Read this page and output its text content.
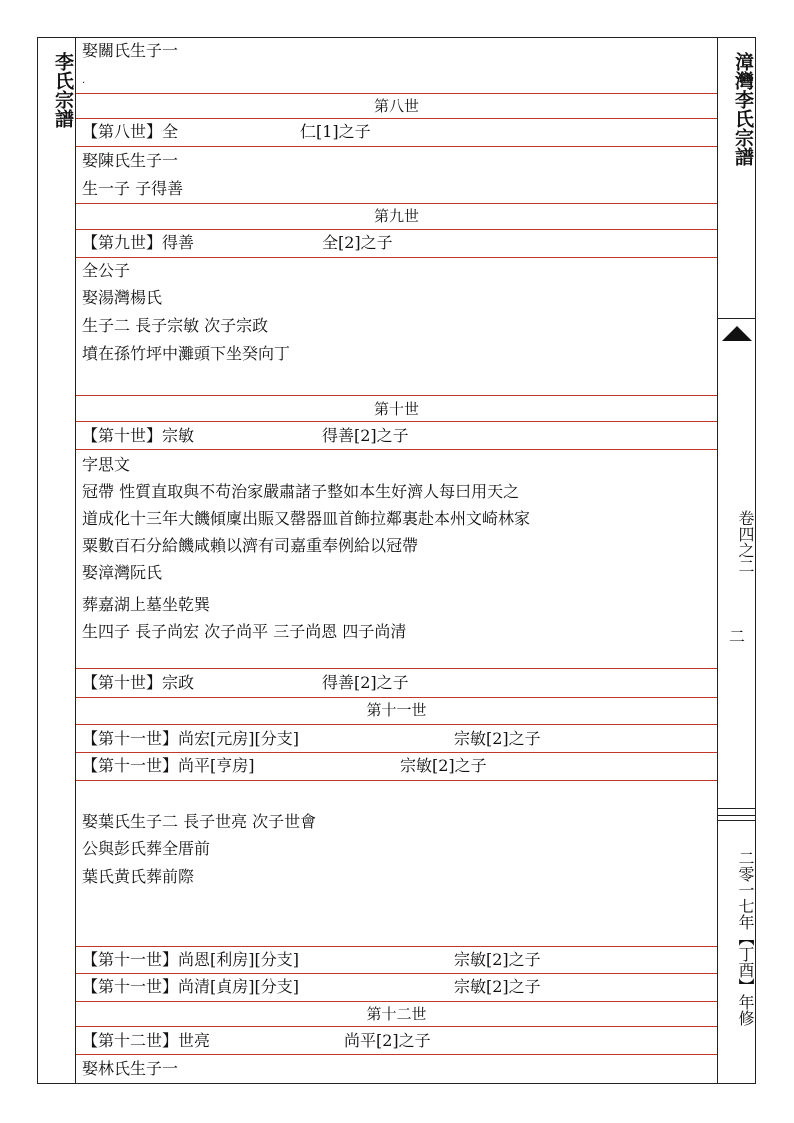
李氏宗譜
娶關氏生子一
.
第八世
【第八世】全	仁[1]之子
娶陳氏生子一
生一子 子得善
第九世
【第九世】得善	全[2]之子
全公子
娶湯灣楊氏
生子二 長子宗敏 次子宗政
墳在孫竹坪中灘頭下坐癸向丁
第十世
【第十世】宗敏	得善[2]之子
字思文
冠帶 性質直取與不苟治家嚴肅諸子整如本生好濟人每曰用天之
道成化十三年大饑傾廩出賑又罄器皿首飾拉鄰裏赴本州文崎林家
粟數百石分給饑咸賴以濟有司嘉重奉例給以冠帶
娶漳灣阮氏
葬嘉湖上墓坐乾巽
生四子 長子尚宏 次子尚平 三子尚恩 四子尚清
【第十世】宗政	得善[2]之子
第十一世
【第十一世】尚宏[元房][分支]	宗敏[2]之子
【第十一世】尚平[亨房]	宗敏[2]之子
娶葉氏生子二 長子世亮 次子世會
公與彭氏葬全厝前
葉氏黄氏葬前際
【第十一世】尚恩[利房][分支]	宗敏[2]之子
【第十一世】尚清[貞房][分支]	宗敏[2]之子
第十二世
【第十二世】世亮	尚平[2]之子
娶林氏生子一
漳灣李氏宗譜
卷四之二
二
二零一七年【丁酉】年修
